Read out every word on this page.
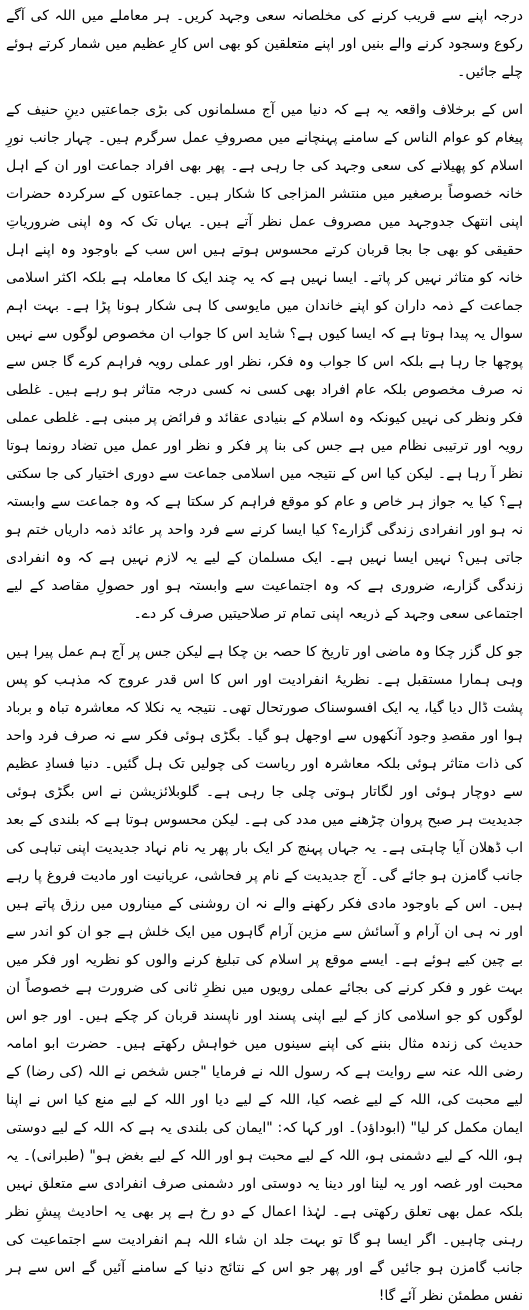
درجہ اپنے سے قریب کرنے کی مخلصانہ سعی وجہد کریں۔ ہر معاملے میں اللہ کی آگے رکوع وسجود کرنے والے بنیں اور اپنے متعلقین کو بھی اس کارِ عظیم میں شمار کرتے ہوئے چلے جائیں۔

اس کے برخلاف واقعہ یہ ہے کہ دنیا میں آج مسلمانوں کی بڑی جماعتیں دینِ حنیف کے پیغام کو عوام الناس کے سامنے پہنچانے میں مصروفِ عمل سرگرم ہیں۔ چہار جانب نورِ اسلام کو پھیلانے کی سعی وجہد کی جا رہی ہے۔ پھر بھی افراد جماعت اور ان کے اہل خانہ خصوصاً برصغیر میں منتشر المزاجی کا شکار ہیں۔ جماعتوں کے سرکردہ حضرات اپنی انتھک جدوجہد میں مصروف عمل نظر آتے ہیں۔ یہاں تک کہ وہ اپنی ضروریاتِ حقیقی کو بھی جا بجا قربان کرتے محسوس ہوتے ہیں اس سب کے باوجود وہ اپنے اہل خانہ کو متاثر نہیں کر پاتے۔ ایسا نہیں ہے کہ یہ چند ایک کا معاملہ ہے بلکہ اکثر اسلامی جماعت کے ذمہ داران کو اپنے خاندان میں مایوسی کا ہی شکار ہونا پڑا ہے۔ بہت اہم سوال یہ پیدا ہوتا ہے کہ ایسا کیوں ہے؟ شاید اس کا جواب ان مخصوص لوگوں سے نہیں پوچھا جا رہا ہے بلکہ اس کا جواب وہ فکر، نظر اور عملی رویہ فراہم کرے گا جس سے نہ صرف مخصوص بلکہ عام افراد بھی کسی نہ کسی درجہ متاثر ہو رہے ہیں۔ غلطی فکر ونظر کی نہیں کیونکہ وہ اسلام کے بنیادی عقائد و فرائض پر مبنی ہے۔ غلطی عملی رویہ اور ترتیبی نظام میں ہے جس کی بنا پر فکر و نظر اور عمل میں تضاد رونما ہوتا نظر آ رہا ہے۔ لیکن کیا اس کے نتیجہ میں اسلامی جماعت سے دوری اختیار کی جا سکتی ہے؟ کیا یہ جواز ہر خاص و عام کو موقع فراہم کر سکتا ہے کہ وہ جماعت سے وابستہ نہ ہو اور انفرادی زندگی گزارے؟ کیا ایسا کرنے سے فرد واحد پر عائد ذمہ داریاں ختم ہو جاتی ہیں؟ نہیں ایسا نہیں ہے۔ ایک مسلمان کے لیے یہ لازم نہیں ہے کہ وہ انفرادی زندگی گزارے، ضروری ہے کہ وہ اجتماعیت سے وابستہ ہو اور حصولِ مقاصد کے لیے اجتماعی سعی وجہد کے ذریعہ اپنی تمام تر صلاحیتیں صرف کر دے۔

جو کل گزر چکا وہ ماضی اور تاریخ کا حصہ بن چکا ہے لیکن جس پر آج ہم عمل پیرا ہیں وہی ہمارا مستقبل ہے۔ نظریۂ انفرادیت اور اس کا اس قدر عروج کہ مذہب کو پس پشت ڈال دیا گیا، یہ ایک افسوسناک صورتحال تھی۔ نتیجہ یہ نکلا کہ معاشرہ تباہ و برباد ہوا اور مقصدِ وجود آنکھوں سے اوجھل ہو گیا۔ بگڑی ہوئی فکر سے نہ صرف فرد واحد کی ذات متاثر ہوئی بلکہ معاشرہ اور ریاست کی چولیں تک ہل گئیں۔ دنیا فسادِ عظیم سے دوچار ہوئی اور لگاتار ہوتی چلی جا رہی ہے۔ گلوبلائزیشن نے اس بگڑی ہوئی جدیدیت ہر صبح پروان چڑھنے میں مدد کی ہے۔ لیکن محسوس ہوتا ہے کہ بلندی کے بعد اب ڈھلان آیا چاہتی ہے۔ یہ جہاں پہنچ کر ایک بار پھر یہ نام نہاد جدیدیت اپنی تباہی کی جانب گامزن ہو جائے گی۔ آج جدیدیت کے نام پر فحاشی، عریانیت اور مادیت فروغ پا رہے ہیں۔ اس کے باوجود مادی فکر رکھنے والے نہ ان روشنی کے میناروں میں رزق پاتے ہیں اور نہ ہی ان آرام و آسائش سے مزین آرام گاہوں میں ایک خلش ہے جو ان کو اندر سے بے چین کیے ہوئے ہے۔ ایسے موقع پر اسلام کی تبلیغ کرنے والوں کو نظریہ اور فکر میں بہت غور و فکر کرنے کی بجائے عملی رویوں میں نظرِ ثانی کی ضرورت ہے خصوصاً ان لوگوں کو جو اسلامی کاز کے لیے اپنی پسند اور ناپسند قربان کر چکے ہیں۔ اور جو اس حدیث کی زندہ مثال بننے کی اپنے سینوں میں خواہش رکھتے ہیں۔ حضرت ابو امامہ رضی اللہ عنہ سے روایت ہے کہ رسول اللہ نے فرمایا "جس شخص نے اللہ (کی رضا) کے لیے محبت کی، اللہ کے لیے غصہ کیا، اللہ کے لیے دیا اور اللہ کے لیے منع کیا اس نے اپنا ایمان مکمل کر لیا" (ابوداؤد)۔ اور کہا کہ: "ایمان کی بلندی یہ ہے کہ اللہ کے لیے دوستی ہو، اللہ کے لیے دشمنی ہو، اللہ کے لیے محبت ہو اور اللہ کے لیے بغض ہو" (طبرانی)۔ یہ محبت اور غصہ اور یہ لینا اور دینا یہ دوستی اور دشمنی صرف انفرادی سے متعلق نہیں بلکہ عمل بھی تعلق رکھتی ہے۔ لہٰذا اعمال کے دو رخ ہے پر بھی یہ احادیث پیشِ نظر رہنی چاہیں۔ اگر ایسا ہو گا تو بہت جلد ان شاء اللہ ہم انفرادیت سے اجتماعیت کی جانب گامزن ہو جائیں گے اور پھر جو اس کے نتائج دنیا کے سامنے آئیں گے اس سے ہر نفس مطمئن نظر آئے گا!
